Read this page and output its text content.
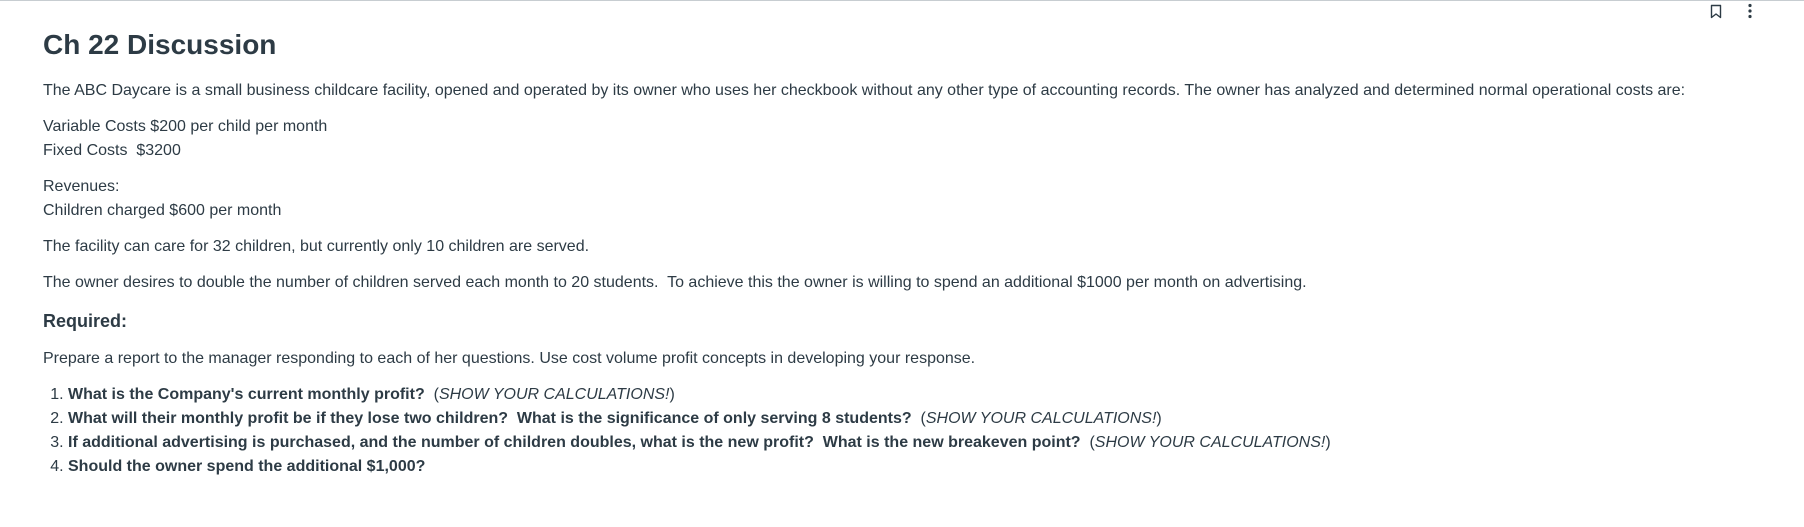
Ch 22 Discussion

The ABC Daycare is a small business childcare facility, opened and operated by its owner who uses her checkbook without any other type of accounting records. The owner has analyzed and determined normal operational costs are:

Variable Costs $200 per child per month

Fixed Costs  $3200

Revenues:

Children charged $600 per month

The facility can care for 32 children, but currently only 10 children are served.

The owner desires to double the number of children served each month to 20 students.  To achieve this the owner is willing to spend an additional $1000 per month on advertising.

Required:

Prepare a report to the manager responding to each of her questions. Use cost volume profit concepts in developing your response.

1. What is the Company's current monthly profit?  (SHOW YOUR CALCULATIONS!)
2. What will their monthly profit be if they lose two children?  What is the significance of only serving 8 students?  (SHOW YOUR CALCULATIONS!)
3. If additional advertising is purchased, and the number of children doubles, what is the new profit?  What is the new breakeven point?  (SHOW YOUR CALCULATIONS!)
4. Should the owner spend the additional $1,000?
